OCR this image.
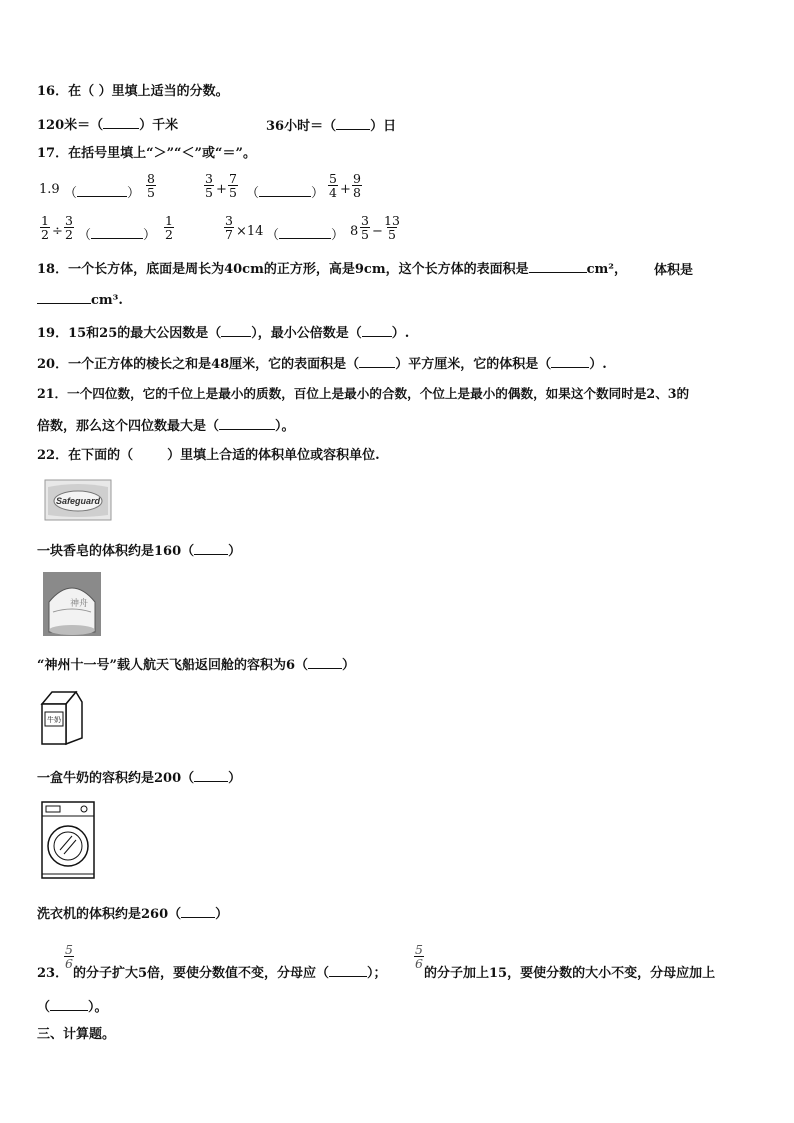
16．在（ ）里填上适当的分数。
120米＝（	）千米	36小时＝（	）日
17．在括号里填上“＞”“＜”或“＝”。
1.9 （	） $\frac{8}{5}$	$\frac{3}{5} + \frac{7}{5}$ （	） $\frac{5}{4} + \frac{9}{8}$
$\frac{1}{2} \div \frac{3}{2}$ （	） $\frac{1}{2}$	$\frac{3}{7} \times 14$ （	） $8 \frac{3}{5} - \frac{13}{5}$
18．一个长方体，底面是周长为40cm的正方形，高是9cm，这个长方体的表面积是	cm²， 体积是
cm³.
19．15和25的最大公因数是（ ），最小公倍数是（ ）.
20．一个正方体的棱长之和是48厘米，它的表面积是（	）平方厘米，它的体积是（	）.
21．一个四位数，它的千位上是最小的质数，百位上是最小的合数，个位上是最小的偶数，如果这个数同时是2、3的
倍数，那么这个四位数最大是（	）。
22．在下面的（	）里填上合适的体积单位或容积单位.
Safeguard
一块香皂的体积约是160（	）
神舟
“神州十一号”载人航天飞船返回舱的容积为6（	）
牛奶
一盒牛奶的容积约是200（	）
洗衣机的体积约是260（	）
$\frac{5}{6}$
23． 的分子扩大5倍，要使分数值不变，分母应（	）；
$\frac{5}{6}$
的分子加上15，要使分数的大小不变，分母应加上
（	）。
三、计算题。
